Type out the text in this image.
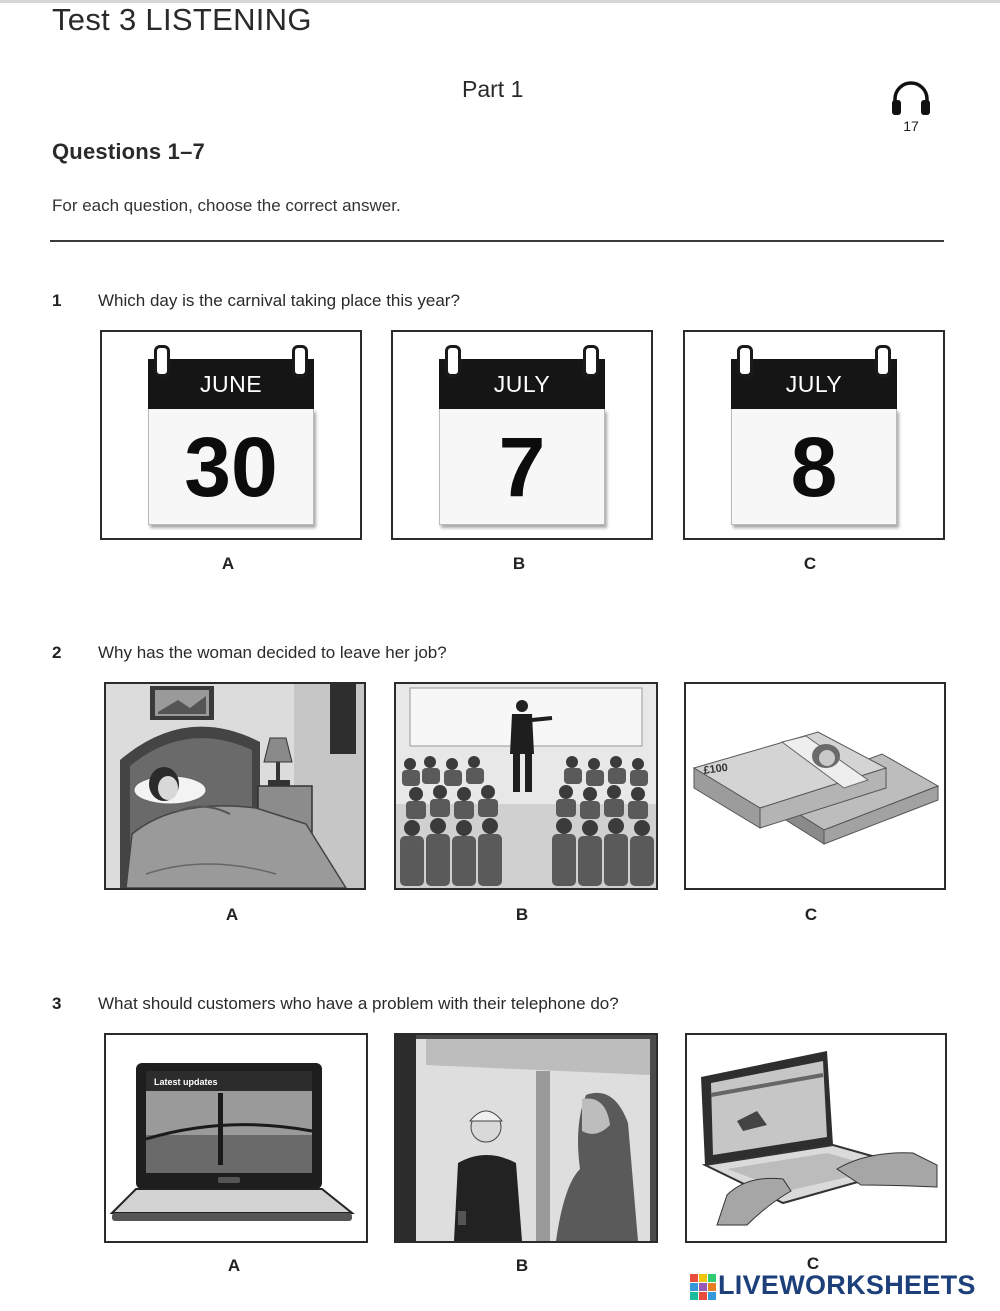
Test 3 LISTENING
Part 1
17
Questions 1–7
For each question, choose the correct answer.
1 Which day is the carnival taking place this year?
JUNE
30
JULY
7
JULY
8
A	B	C
2 Why has the woman decided to leave her job?
£100
A	B	C
3 What should customers who have a problem with their telephone do?
Latest updates
A	B	C
LIVEWORKSHEETS
